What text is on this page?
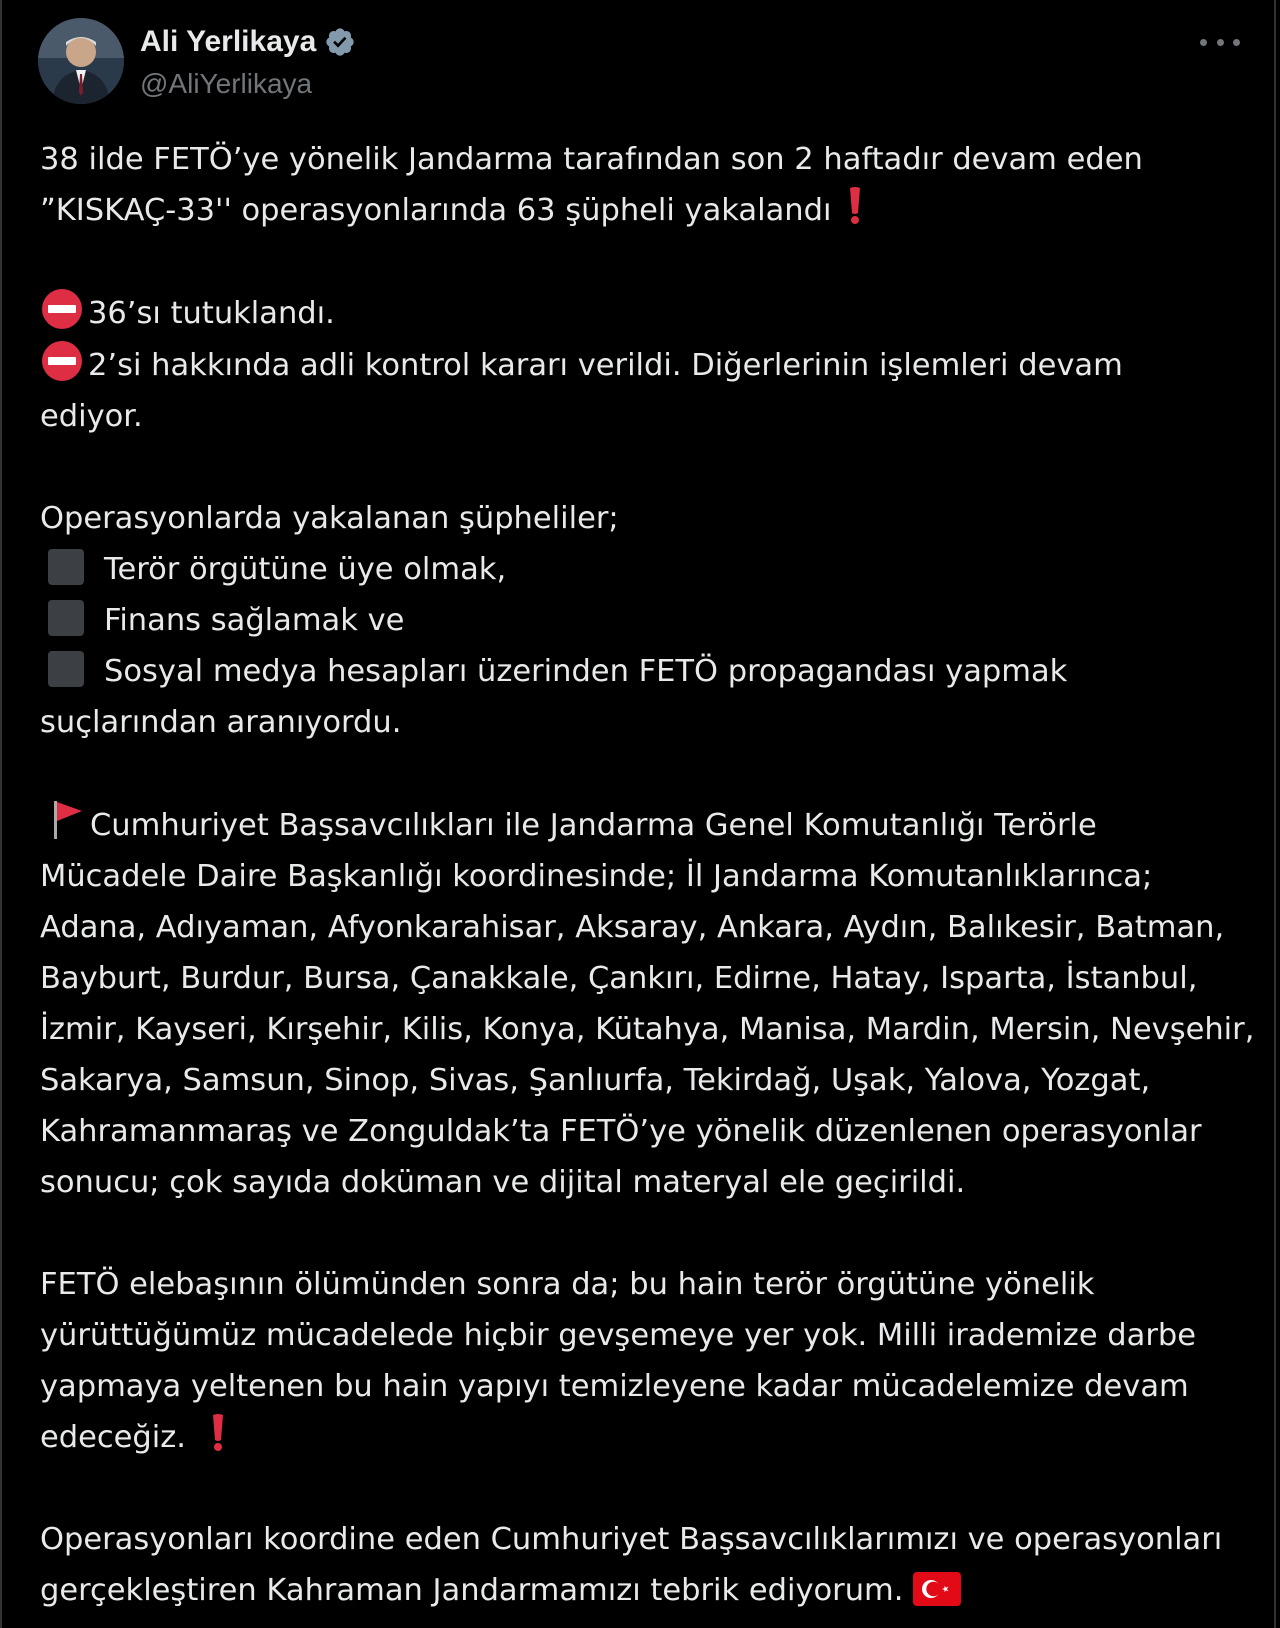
Ali Yerlikaya
@AliYerlikaya
38 ilde FETÖ’ye yönelik Jandarma tarafından son 2 haftadır devam eden
”KISKAÇ-33'' operasyonlarında 63 şüpheli yakalandı
36’sı tutuklandı.
2’si hakkında adli kontrol kararı verildi. Diğerlerinin işlemleri devam
ediyor.
Operasyonlarda yakalanan şüpheliler;
Terör örgütüne üye olmak,
Finans sağlamak ve
Sosyal medya hesapları üzerinden FETÖ propagandası yapmak
suçlarından aranıyordu.
Cumhuriyet Başsavcılıkları ile Jandarma Genel Komutanlığı Terörle
Mücadele Daire Başkanlığı koordinesinde; İl Jandarma Komutanlıklarınca;
Adana, Adıyaman, Afyonkarahisar, Aksaray, Ankara, Aydın, Balıkesir, Batman,
Bayburt, Burdur, Bursa, Çanakkale, Çankırı, Edirne, Hatay, Isparta, İstanbul,
İzmir, Kayseri, Kırşehir, Kilis, Konya, Kütahya, Manisa, Mardin, Mersin, Nevşehir,
Sakarya, Samsun, Sinop, Sivas, Şanlıurfa, Tekirdağ, Uşak, Yalova, Yozgat,
Kahramanmaraş ve Zonguldak’ta FETÖ’ye yönelik düzenlenen operasyonlar
sonucu; çok sayıda doküman ve dijital materyal ele geçirildi.
FETÖ elebaşının ölümünden sonra da; bu hain terör örgütüne yönelik
yürüttüğümüz mücadelede hiçbir gevşemeye yer yok. Milli irademize darbe
yapmaya yeltenen bu hain yapıyı temizleyene kadar mücadelemize devam
edeceğiz.
Operasyonları koordine eden Cumhuriyet Başsavcılıklarımızı ve operasyonları
gerçekleştiren Kahraman Jandarmamızı tebrik ediyorum.
